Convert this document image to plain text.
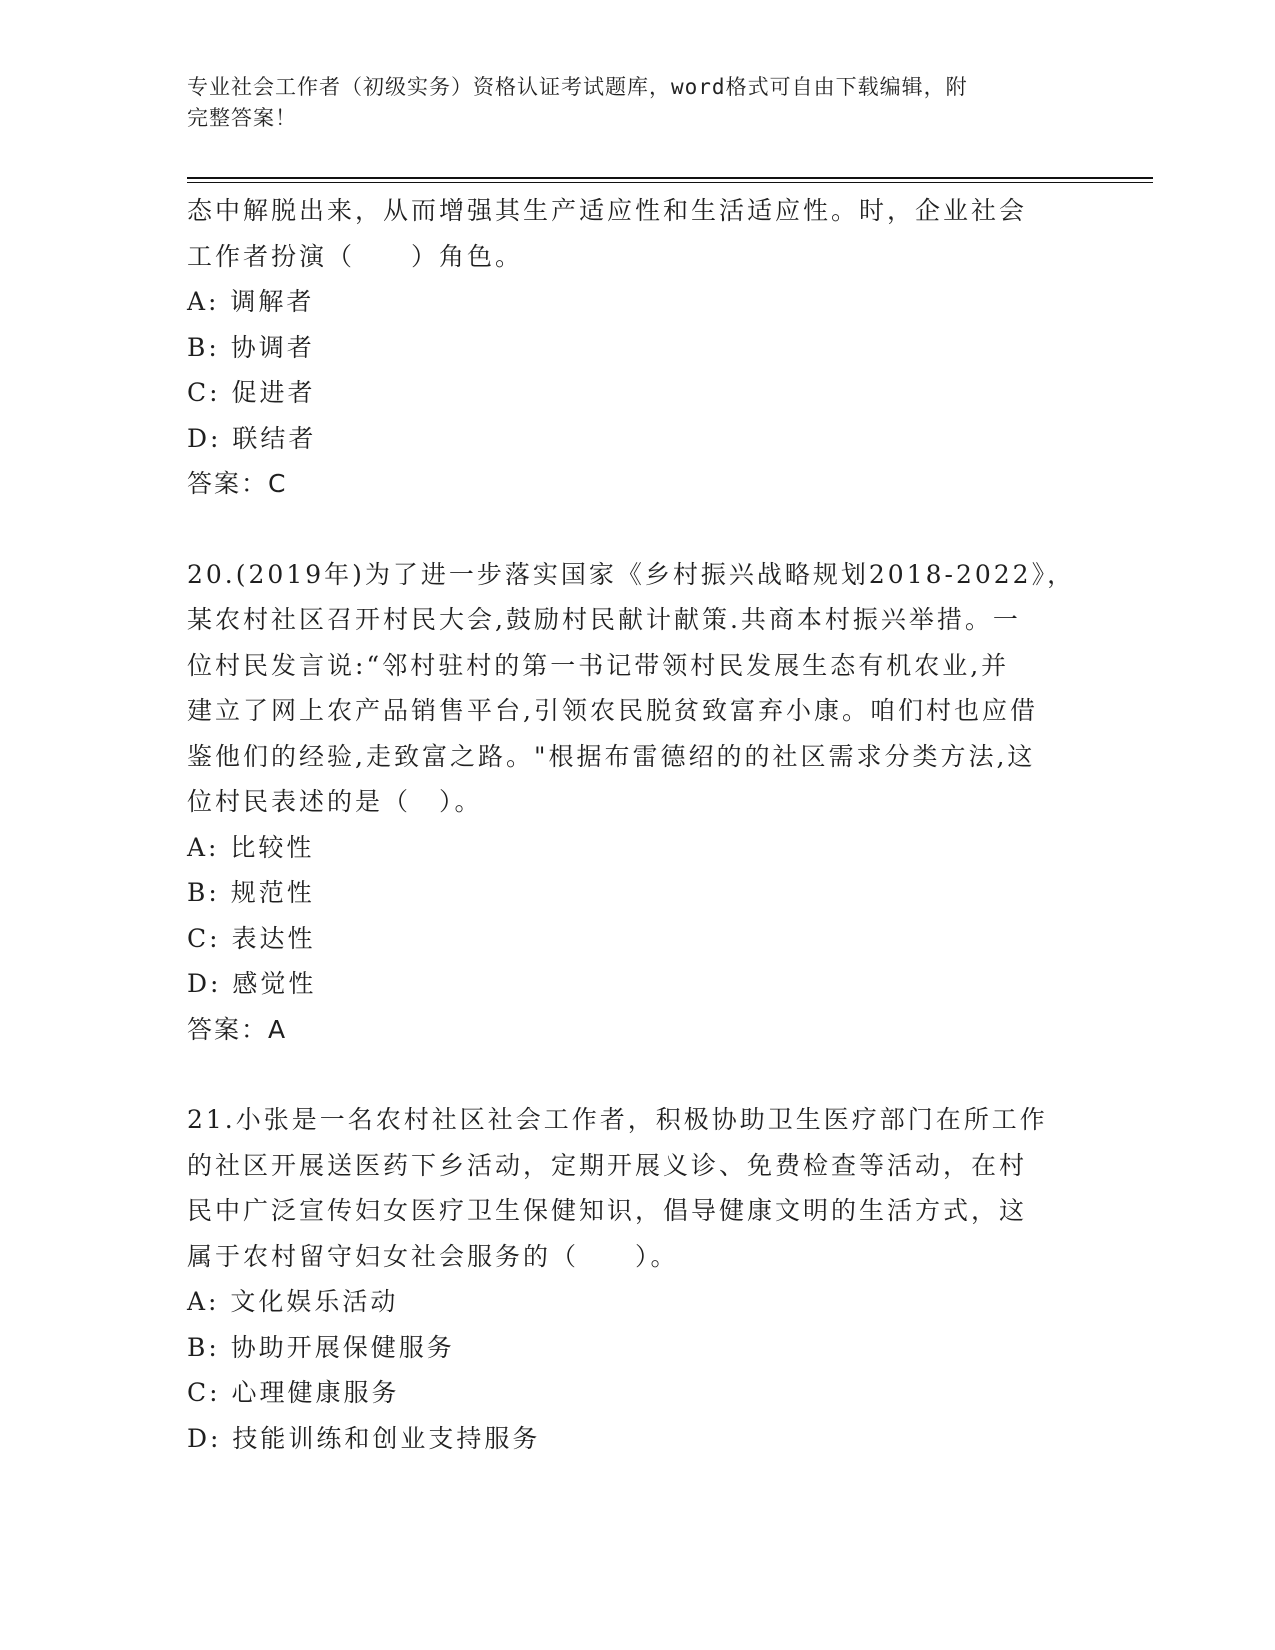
专业社会工作者（初级实务）资格认证考试题库，word格式可自由下载编辑，附
完整答案！

态中解脱出来，从而增强其生产适应性和生活适应性。时，企业社会

工作者扮演（　　）角色。

A: 调解者

B: 协调者

C: 促进者

D: 联结者

答案：C

20.(2019年)为了进一步落实国家《乡村振兴战略规划2018-2022》，

某农村社区召开村民大会,鼓励村民献计献策.共商本村振兴举措。一

位村民发言说:“邻村驻村的第一书记带领村民发展生态有机农业,并

建立了网上农产品销售平台,引领农民脱贫致富弃小康。咱们村也应借

鉴他们的经验,走致富之路。"根据布雷德绍的的社区需求分类方法,这

位村民表述的是（　）。

A: 比较性

B: 规范性

C: 表达性

D: 感觉性

答案：A

21.小张是一名农村社区社会工作者，积极协助卫生医疗部门在所工作

的社区开展送医药下乡活动，定期开展义诊、免费检查等活动，在村

民中广泛宣传妇女医疗卫生保健知识，倡导健康文明的生活方式，这

属于农村留守妇女社会服务的（　　）。

A: 文化娱乐活动

B: 协助开展保健服务

C: 心理健康服务

D: 技能训练和创业支持服务
